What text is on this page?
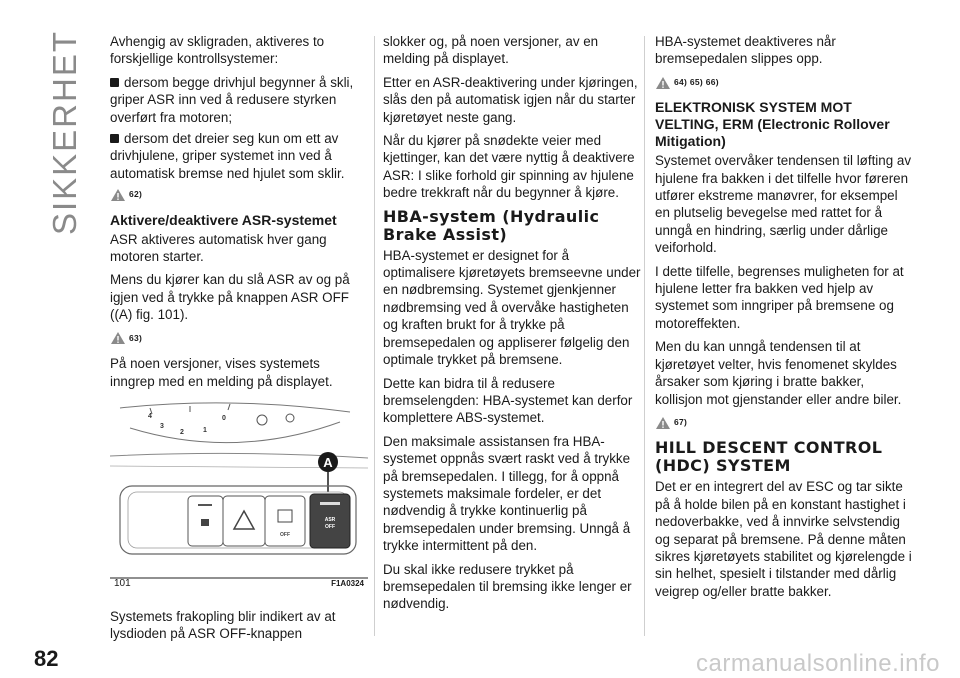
SIKKERHET Avhengig av skligraden, aktiveres to forskjellige kontrollsystemer:

dersom begge drivhjul begynner å skli, griper ASR inn ved å redusere styrken overført fra motoren;

dersom det dreier seg kun om ett av drivhjulene, griper systemet inn ved å automatisk bremse ned hjulet som sklir.

62)
Aktivere/deaktivere ASR-systemet

ASR aktiveres automatisk hver gang motoren starter.

Mens du kjører kan du slå ASR av og på igjen ved å trykke på knappen ASR OFF ((A) fig. 101).

63)

På noen versjoner, vises systemets inngrep med en melding på displayet.

4
3
2	1
0
A
OFF
ASR
OFF
101	F1A0324

Systemets frakopling blir indikert av at lysdioden på ASR OFF-knappen

slokker og, på noen versjoner, av en melding på displayet.

Etter en ASR-deaktivering under kjøringen, slås den på automatisk igjen når du starter kjøretøyet neste gang.

Når du kjører på snødekte veier med kjettinger, kan det være nyttig å deaktivere ASR: I slike forhold gir spinning av hjulene bedre trekkraft når du begynner å kjøre.

HBA-system (Hydraulic Brake Assist)

HBA-systemet er designet for å optimalisere kjøretøyets bremseevne under en nødbremsing. Systemet gjenkjenner nødbremsing ved å overvåke hastigheten og kraften brukt for å trykke på bremsepedalen og appliserer følgelig den optimale trykket på bremsene.

Dette kan bidra til å redusere bremselengden: HBA-systemet kan derfor komplettere ABS-systemet.

Den maksimale assistansen fra HBA-systemet oppnås svært raskt ved å trykke på bremsepedalen. I tillegg, for å oppnå systemets maksimale fordeler, er det nødvendig å trykke kontinuerlig på bremsepedalen under bremsing. Unngå å trykke intermittent på den.

Du skal ikke redusere trykket på bremsepedalen til bremsing ikke lenger er nødvendig.

HBA-systemet deaktiveres når bremsepedalen slippes opp.

64) 65) 66)
ELEKTRONISK SYSTEM MOT VELTING, ERM (Electronic Rollover Mitigation)

Systemet overvåker tendensen til løfting av hjulene fra bakken i det tilfelle hvor føreren utfører ekstreme manøvrer, for eksempel en plutselig bevegelse med rattet for å unngå en hindring, særlig under dårlige veiforhold.

I dette tilfelle, begrenses muligheten for at hjulene letter fra bakken ved hjelp av systemet som inngriper på bremsene og motoreffekten.

Men du kan unngå tendensen til at kjøretøyet velter, hvis fenomenet skyldes årsaker som kjøring i bratte bakker, kollisjon mot gjenstander eller andre biler.

67)
HILL DESCENT CONTROL (HDC) SYSTEM

Det er en integrert del av ESC og tar sikte på å holde bilen på en konstant hastighet i nedoverbakke, ved å innvirke selvstendig og separat på bremsene. På denne måten sikres kjøretøyets stabilitet og kjørelengde i sin helhet, spesielt i tilstander med dårlig veigrep og/eller bratte bakker.

82	carmanualsonline.info
